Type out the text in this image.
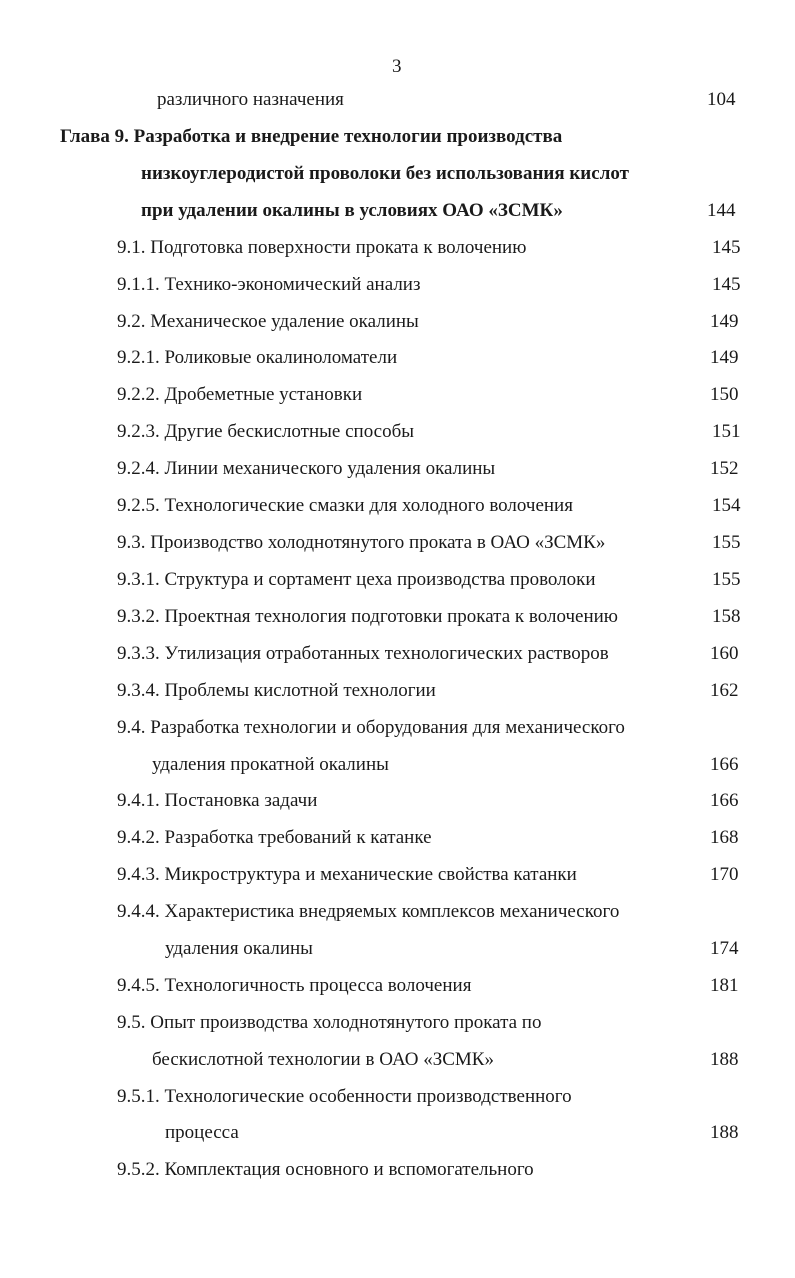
3
различного назначения	104
Глава 9. Разработка и внедрение технологии производства
низкоуглеродистой проволоки без использования кислот
при удалении окалины в условиях ОАО «ЗСМК»	144
9.1. Подготовка поверхности проката к волочению	145
9.1.1. Технико-экономический анализ	145
9.2. Механическое удаление окалины	149
9.2.1. Роликовые окалиноломатели	149
9.2.2. Дробеметные установки	150
9.2.3. Другие бескислотные способы	151
9.2.4. Линии механического удаления окалины	152
9.2.5. Технологические смазки для холодного волочения	154
9.3. Производство холоднотянутого проката в ОАО «ЗСМК»	155
9.3.1. Структура и сортамент цеха производства проволоки	155
9.3.2. Проектная технология подготовки проката к волочению	158
9.3.3. Утилизация отработанных технологических растворов	160
9.3.4. Проблемы кислотной технологии	162
9.4. Разработка технологии и оборудования для механического
удаления прокатной окалины	166
9.4.1. Постановка задачи	166
9.4.2. Разработка требований к катанке	168
9.4.3. Микроструктура и механические свойства катанки	170
9.4.4. Характеристика внедряемых комплексов механического
удаления окалины	174
9.4.5. Технологичность процесса волочения	181
9.5. Опыт производства холоднотянутого проката по
бескислотной технологии в ОАО «ЗСМК»	188
9.5.1. Технологические особенности производственного
процесса	188
9.5.2. Комплектация основного и вспомогательного
